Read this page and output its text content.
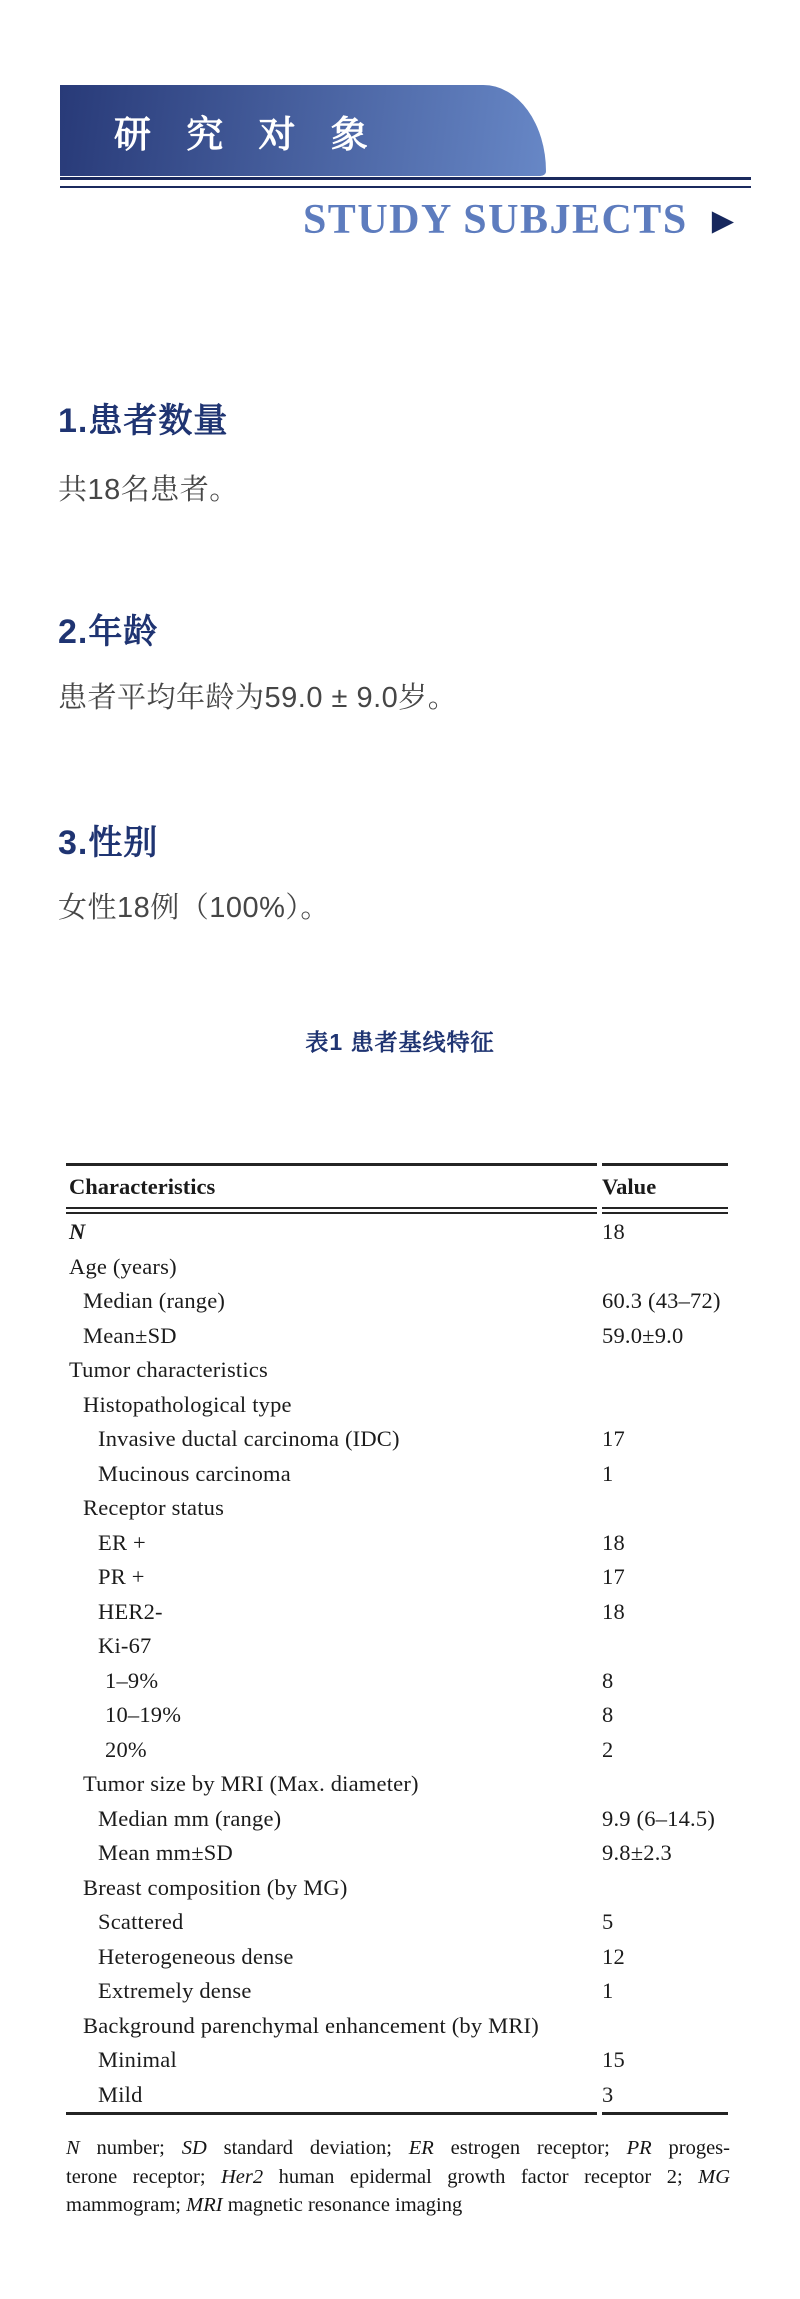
研 究 对 象
STUDY SUBJECTS ▶
1.患者数量
共18名患者。
2.年龄
患者平均年龄为59.0 ± 9.0岁。
3.性别
女性18例（100%）。
表1 患者基线特征
Characteristics	Value
N	18
Age (years)
Median (range)	60.3 (43–72)
Mean±SD	59.0±9.0
Tumor characteristics
Histopathological type
Invasive ductal carcinoma (IDC)	17
Mucinous carcinoma	1
Receptor status
ER +	18
PR +	17
HER2-	18
Ki-67
1–9%	8
10–19%	8
20%	2
Tumor size by MRI (Max. diameter)
Median mm (range)	9.9 (6–14.5)
Mean mm±SD	9.8±2.3
Breast composition (by MG)
Scattered	5
Heterogeneous dense	12
Extremely dense	1
Background parenchymal enhancement (by MRI)
Minimal	15
Mild	3
N number; SD standard deviation; ER estrogen receptor; PR proges-
terone receptor; Her2 human epidermal growth factor receptor 2; MG
mammogram; MRI magnetic resonance imaging
